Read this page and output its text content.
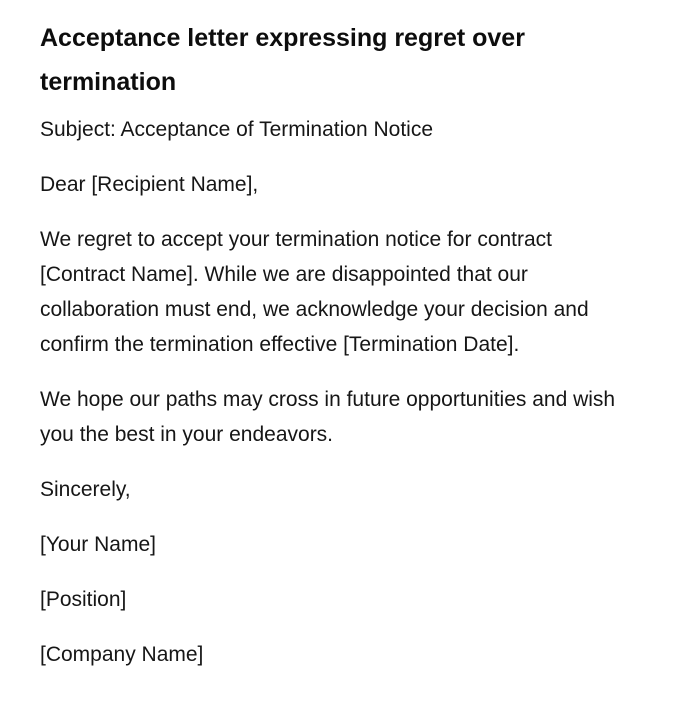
Acceptance letter expressing regret over termination

Subject: Acceptance of Termination Notice

Dear [Recipient Name],

We regret to accept your termination notice for contract [Contract Name]. While we are disappointed that our collaboration must end, we acknowledge your decision and confirm the termination effective [Termination Date].

We hope our paths may cross in future opportunities and wish you the best in your endeavors.

Sincerely,

[Your Name]

[Position]

[Company Name]
